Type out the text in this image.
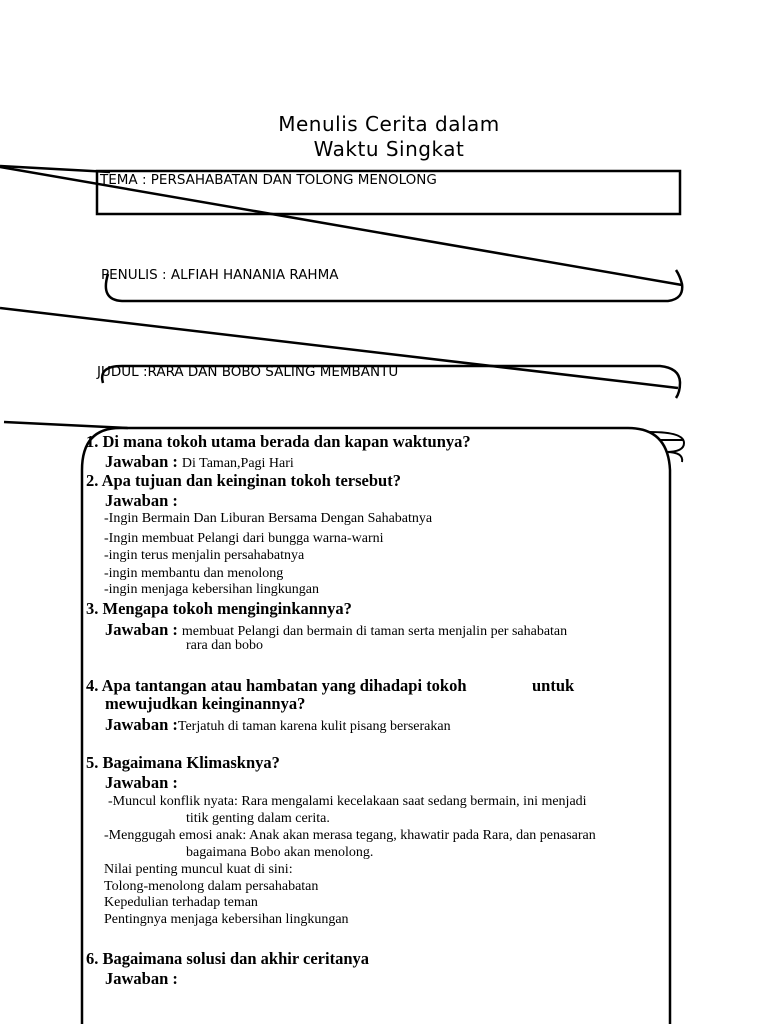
Menulis Cerita dalam
Waktu Singkat
TEMA : PERSAHABATAN DAN TOLONG MENOLONG
PENULIS : ALFIAH HANANIA RAHMA
JUDUL :RARA DAN BOBO SALING MEMBANTU
1. Di mana tokoh utama berada dan kapan waktunya?
Jawaban : Di Taman,Pagi Hari
2. Apa tujuan dan keinginan tokoh tersebut?
Jawaban :
-Ingin Bermain Dan Liburan Bersama Dengan Sahabatnya
-Ingin membuat Pelangi dari bungga warna-warni
-ingin terus menjalin persahabatnya
-ingin membantu dan menolong
-ingin menjaga kebersihan lingkungan
3. Mengapa tokoh menginginkannya?
Jawaban : membuat Pelangi dan bermain di taman serta menjalin per sahabatan
rara dan bobo
4. Apa tantangan atau hambatan yang dihadapi tokoh	untuk
mewujudkan keinginannya?
Jawaban :Terjatuh di taman karena kulit pisang berserakan
5. Bagaimana Klimasknya?
Jawaban :
-Muncul konflik nyata: Rara mengalami kecelakaan saat sedang bermain, ini menjadi
titik genting dalam cerita.
-Menggugah emosi anak: Anak akan merasa tegang, khawatir pada Rara, dan penasaran
bagaimana Bobo akan menolong.
Nilai penting muncul kuat di sini:
Tolong-menolong dalam persahabatan
Kepedulian terhadap teman
Pentingnya menjaga kebersihan lingkungan
6. Bagaimana solusi dan akhir ceritanya
Jawaban :
